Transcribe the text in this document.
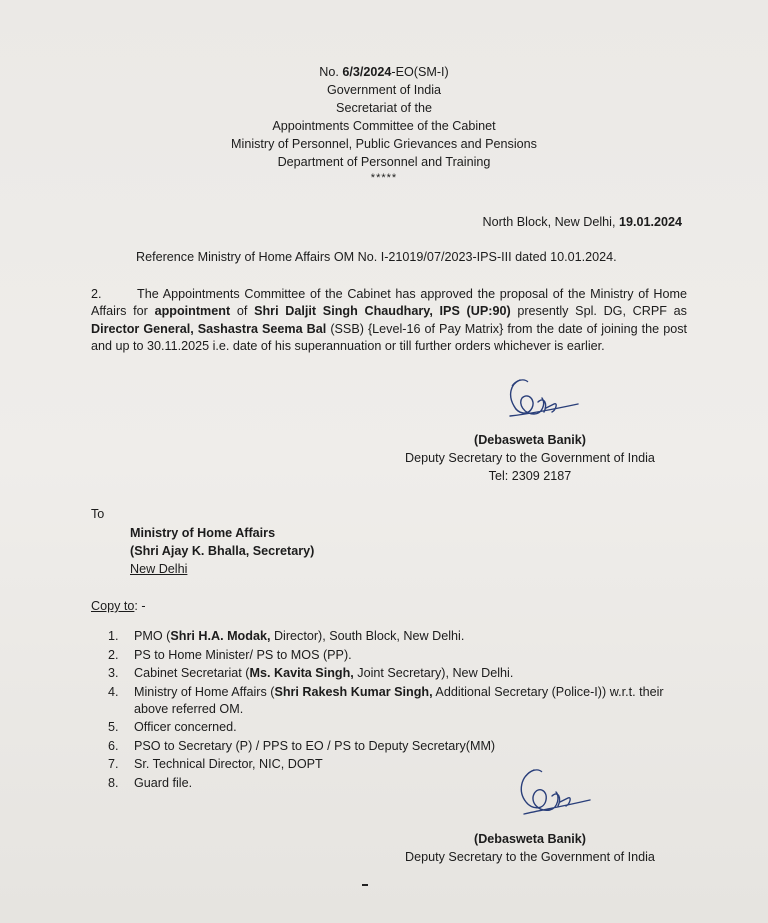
No. 6/3/2024-EO(SM-I)
Government of India
Secretariat of the
Appointments Committee of the Cabinet
Ministry of Personnel, Public Grievances and Pensions
Department of Personnel and Training
*****
North Block, New Delhi, 19.01.2024
Reference Ministry of Home Affairs OM No. I-21019/07/2023-IPS-III dated 10.01.2024.
2.	The Appointments Committee of the Cabinet has approved the proposal of the Ministry of Home Affairs for appointment of Shri Daljit Singh Chaudhary, IPS (UP:90) presently Spl. DG, CRPF as Director General, Sashastra Seema Bal (SSB) {Level-16 of Pay Matrix} from the date of joining the post and up to 30.11.2025 i.e. date of his superannuation or till further orders whichever is earlier.
(Debasweta Banik)
Deputy Secretary to the Government of India
Tel: 2309 2187
To
Ministry of Home Affairs
(Shri Ajay K. Bhalla, Secretary)
New Delhi
Copy to: -
1.	PMO (Shri H.A. Modak, Director), South Block, New Delhi.
2.	PS to Home Minister/ PS to MOS (PP).
3.	Cabinet Secretariat (Ms. Kavita Singh, Joint Secretary), New Delhi.
4.	Ministry of Home Affairs (Shri Rakesh Kumar Singh, Additional Secretary (Police-I)) w.r.t. their above referred OM.
5.	Officer concerned.
6.	PSO to Secretary (P) / PPS to EO / PS to Deputy Secretary(MM)
7.	Sr. Technical Director, NIC, DOPT
8.	Guard file.
(Debasweta Banik)
Deputy Secretary to the Government of India
